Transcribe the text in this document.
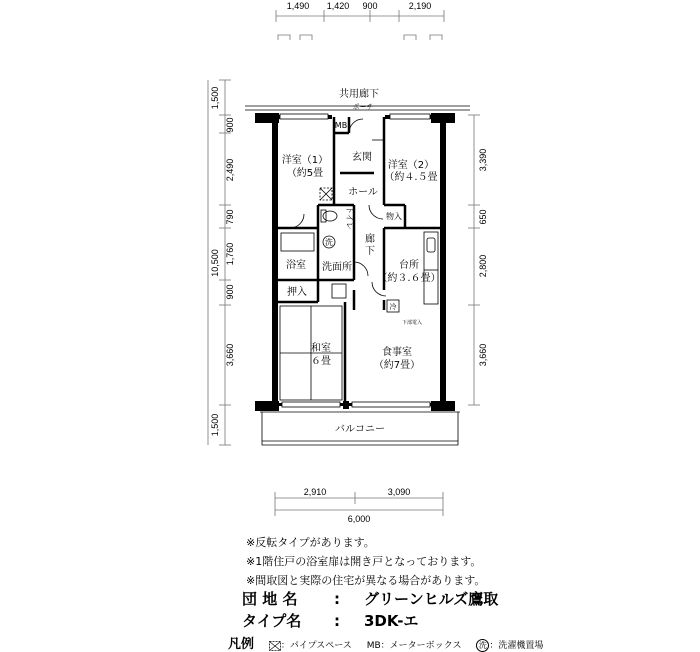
1,490 1,420 900	2,190
1,500
900
2,490
790
1,760
900
3,660
1,500
10,500
3,390
650
2,800
3,660
2,910	3,090
6,000
共用廊下
ポーチ
MB
玄関
洋室（1）
（約5畳
洋室（2）
（約４.５畳
ホール
物入
洗
浴室 洗面所	台所
（約３.６畳）
押入
和室
６畳
食事室
（約7畳）
バルコニー
冷
下部電入
トイレ
廊下
※反転タイプがあります。
※1階住戸の浴室扉は開き戸となっております。
※間取図と実際の住宅が異なる場合があります。
団 地 名 : グリーンヒルズ鷹取
タイプ名 : 3DK-エ
凡例	：パイプスペース MB：メーターボックス 洗 ：洗濯機置場
